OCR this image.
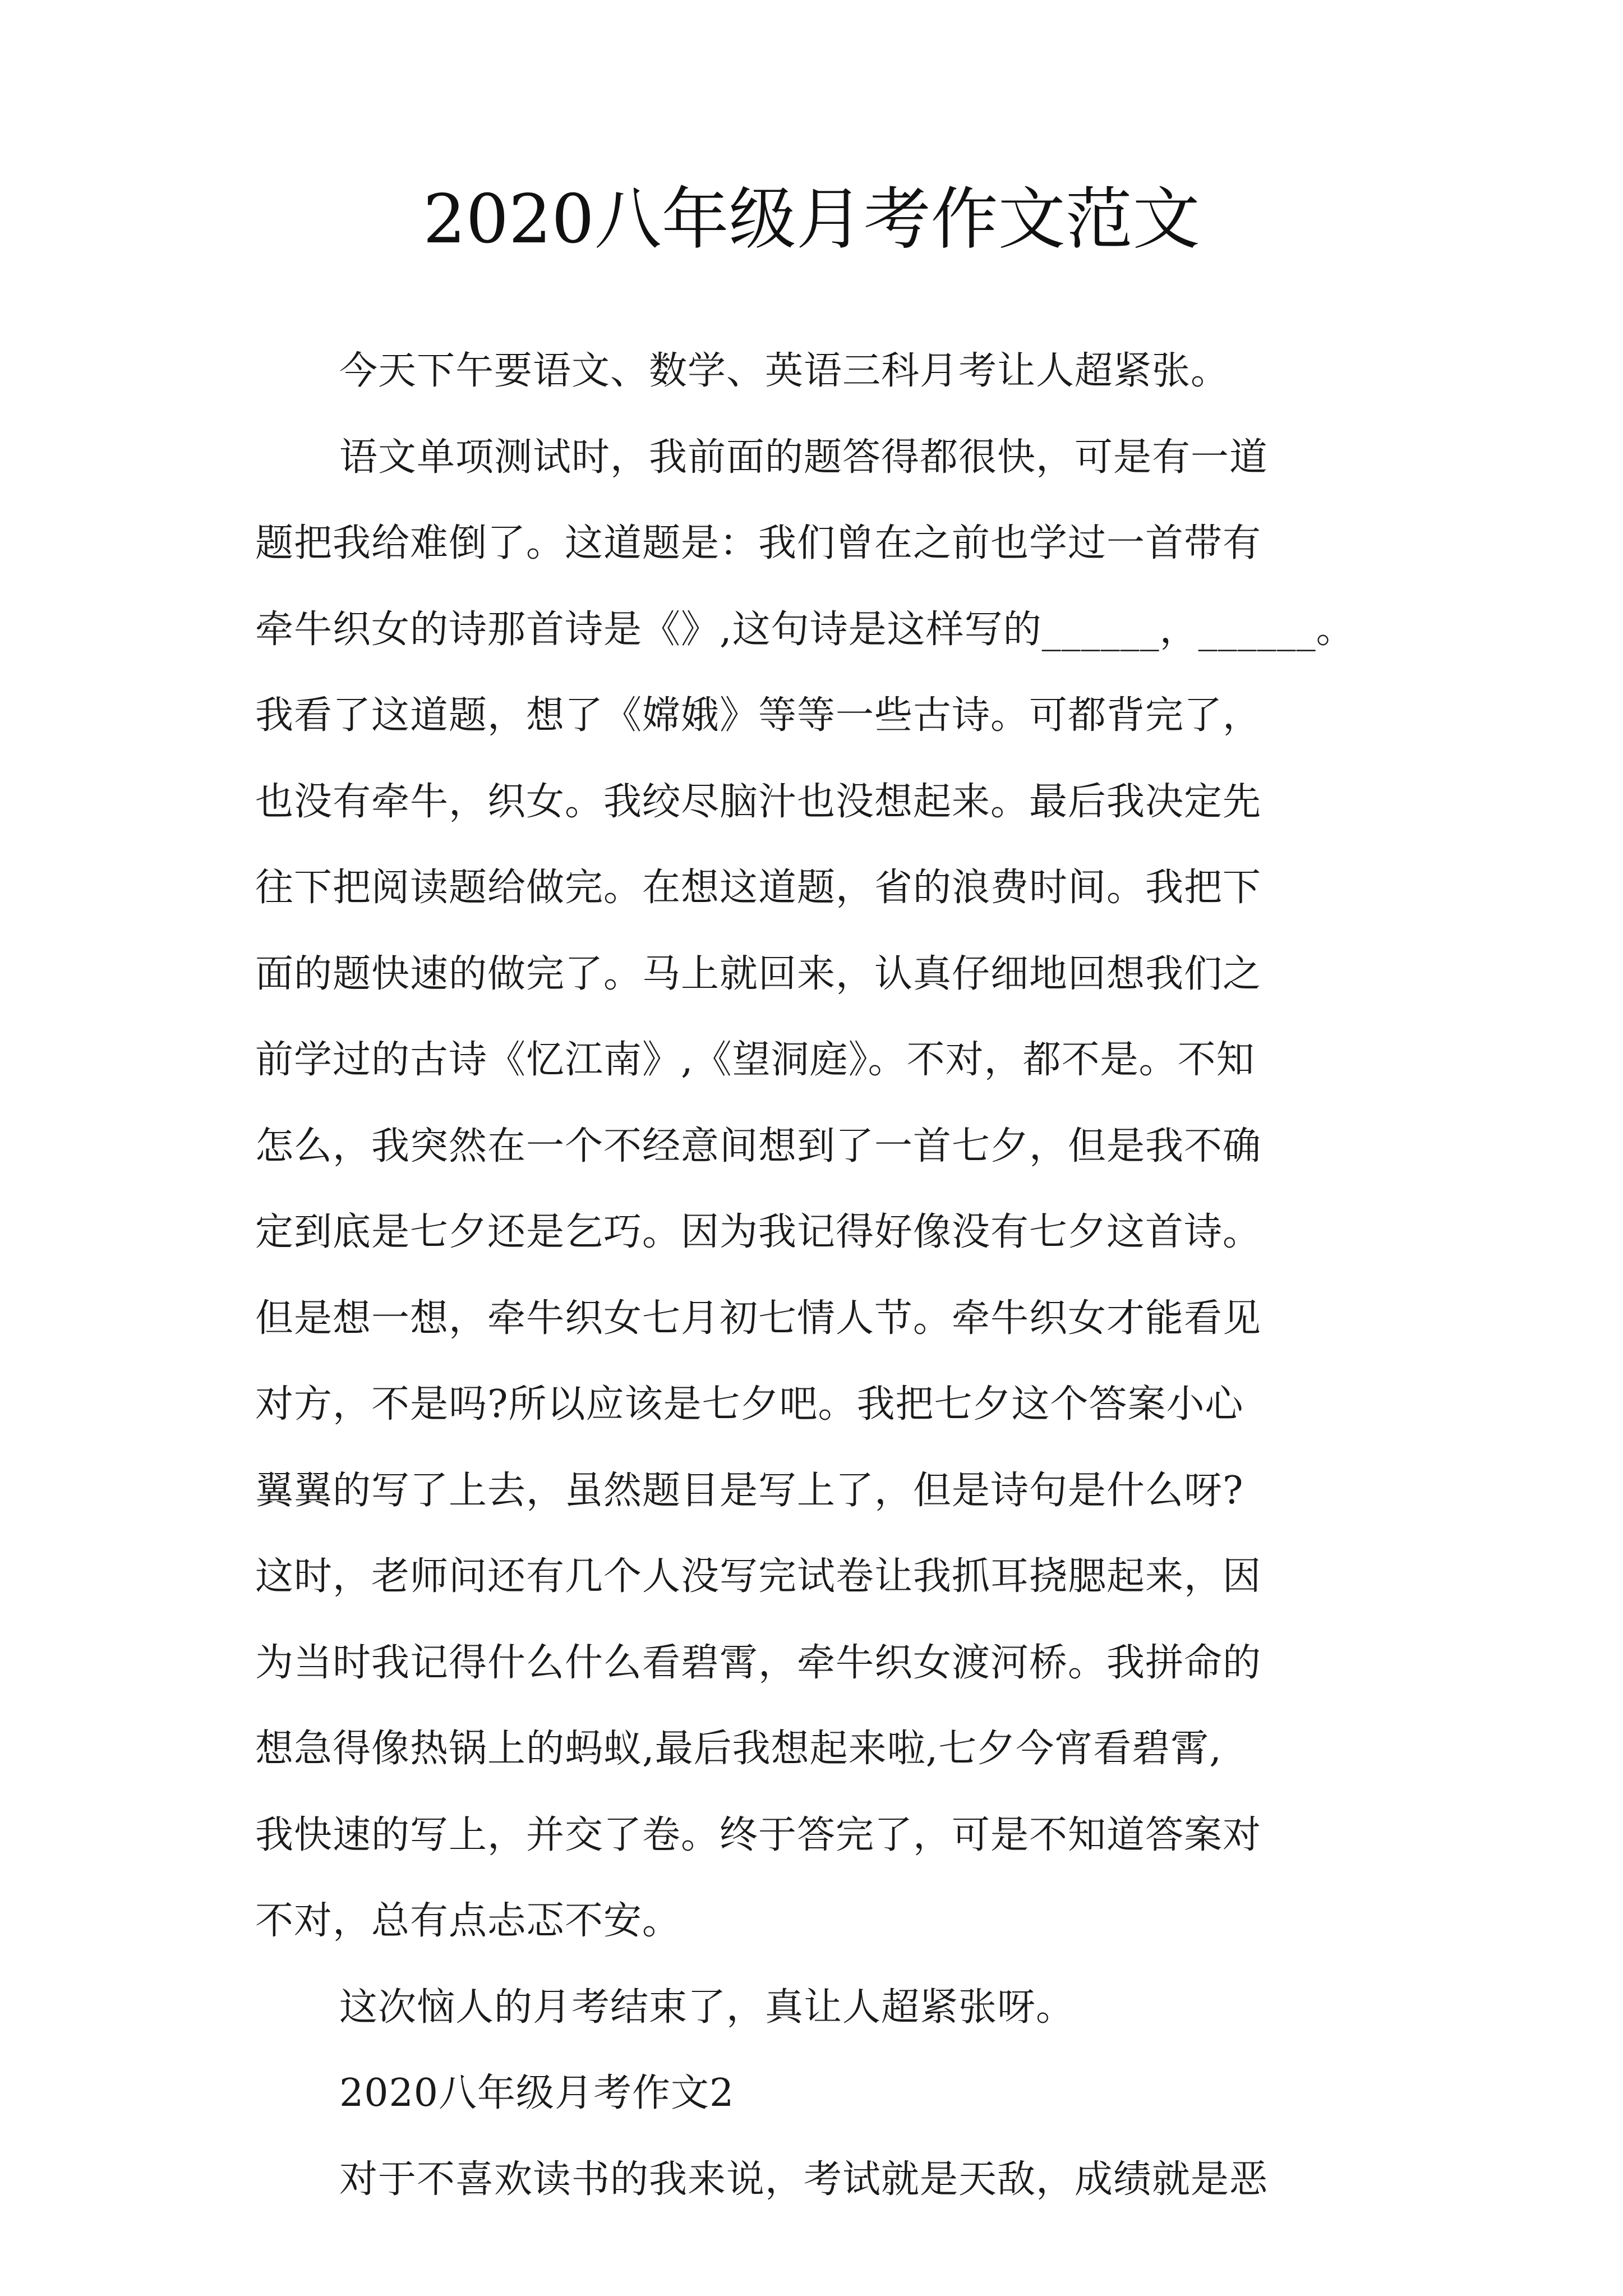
2020八年级月考作文范文
今天下午要语文、数学、英语三科月考让人超紧张。
语文单项测试时，我前面的题答得都很快，可是有一道
题把我给难倒了。这道题是：我们曾在之前也学过一首带有
牵牛织女的诗那首诗是《》,这句诗是这样写的______，______。
我看了这道题，想了《嫦娥》等等一些古诗。可都背完了，
也没有牵牛，织女。我绞尽脑汁也没想起来。最后我决定先
往下把阅读题给做完。在想这道题，省的浪费时间。我把下
面的题快速的做完了。马上就回来，认真仔细地回想我们之
前学过的古诗《忆江南》,《望洞庭》。不对，都不是。不知
怎么，我突然在一个不经意间想到了一首七夕，但是我不确
定到底是七夕还是乞巧。因为我记得好像没有七夕这首诗。
但是想一想，牵牛织女七月初七情人节。牵牛织女才能看见
对方，不是吗?所以应该是七夕吧。我把七夕这个答案小心
翼翼的写了上去，虽然题目是写上了，但是诗句是什么呀?
这时，老师问还有几个人没写完试卷让我抓耳挠腮起来，因
为当时我记得什么什么看碧霄，牵牛织女渡河桥。我拼命的
想急得像热锅上的蚂蚁,最后我想起来啦,七夕今宵看碧霄,
我快速的写上，并交了卷。终于答完了，可是不知道答案对
不对，总有点忐忑不安。
这次恼人的月考结束了，真让人超紧张呀。
2020八年级月考作文2
对于不喜欢读书的我来说，考试就是天敌，成绩就是恶
